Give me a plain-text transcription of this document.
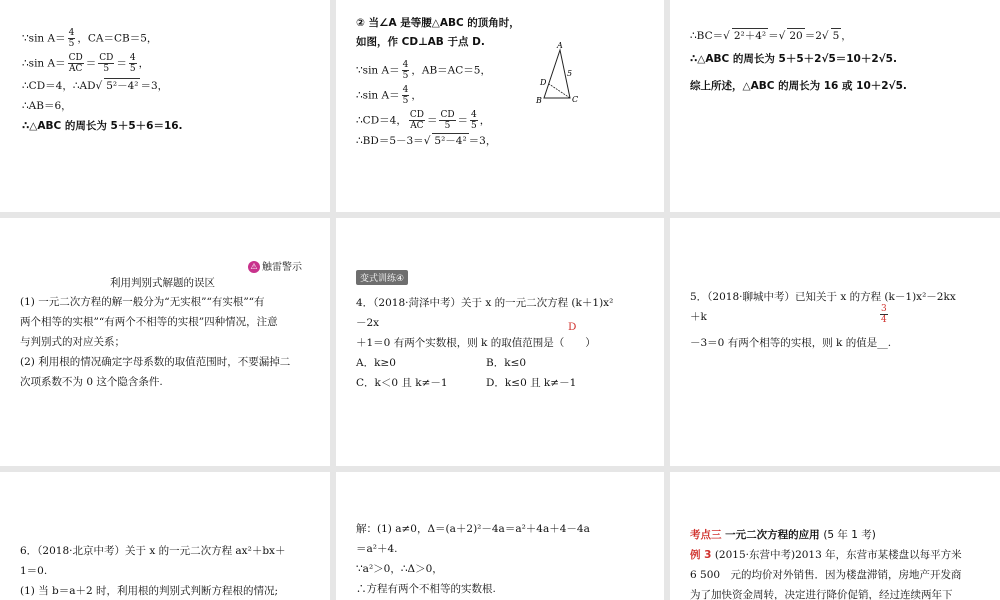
∵sin $A= \frac{4}{5}$ ，CA＝CB＝5，
∴sin $A= \frac{CD}{AC} = \frac{CD}{5} = \frac{4}{5}$ ，
∴CD＝4，∴AD√ 5²－4² ＝3，
∴AB＝6，
∴△ABC 的周长为 5＋5＋6＝16.
② 当∠A 是等腰△ABC 的顶角时，
如图，作 CD⊥AB 于点 D.
∵sin $A= \frac{4}{5}$ ，AB＝AC＝5，
∴sin $A= \frac{4}{5}$ ，
∴CD＝4， $\frac{CD}{AC} = \frac{CD}{5} = \frac{4}{5}$ ，
∴BD＝5－3＝√ 5²－4² ＝3，
A
B	C
D
5
∴BC＝√ 2²＋4² ＝√ 20 ＝2√ 5 ，
∴△ABC 的周长为 5＋5＋2√5＝10＋2√5.
综上所述，△ABC 的周长为 16 或 10＋2√5.
⚠ 触雷警示
利用判别式解题的误区
(1) 一元二次方程的解一般分为“无实根”“有实根”“有
两个相等的实根”“有两个不相等的实根”四种情况，注意
与判别式的对应关系；
(2) 利用根的情况确定字母系数的取值范围时，不要漏掉二
次项系数不为 0 这个隐含条件.
变式训练④
4．（2018·菏泽中考）关于 x 的一元二次方程 (k＋1)x²
－2x	D
＋1＝0 有两个实数根，则 k 的取值范围是（　　）
A．k≥0	B．k≤0
C．k＜0 且 k≠－1	D．k≤0 且 k≠－1
5．（2018·聊城中考）已知关于 x 的方程 (k－1)x²－2kx
＋k	$\frac{3}{4}$
－3＝0 有两个相等的实根，则 k 的值是__.
6．（2018·北京中考）关于 x 的一元二次方程 ax²＋bx＋
1＝0.
(1) 当 b＝a＋2 时，利用根的判别式判断方程根的情况;
解：(1) a≠0，Δ＝(a＋2)²－4a＝a²＋4a＋4－4a
＝a²＋4.
∵a²＞0，∴Δ＞0，
∴方程有两个不相等的实数根.
考点三 一元二次方程的应用 (5 年 1 考)
例 3 (2015·东营中考)2013 年，东营市某楼盘以每平方米
6 500　元的均价对外销售．因为楼盘滞销，房地产开发商
为了加快资金周转，决定进行降价促销，经过连续两年下
